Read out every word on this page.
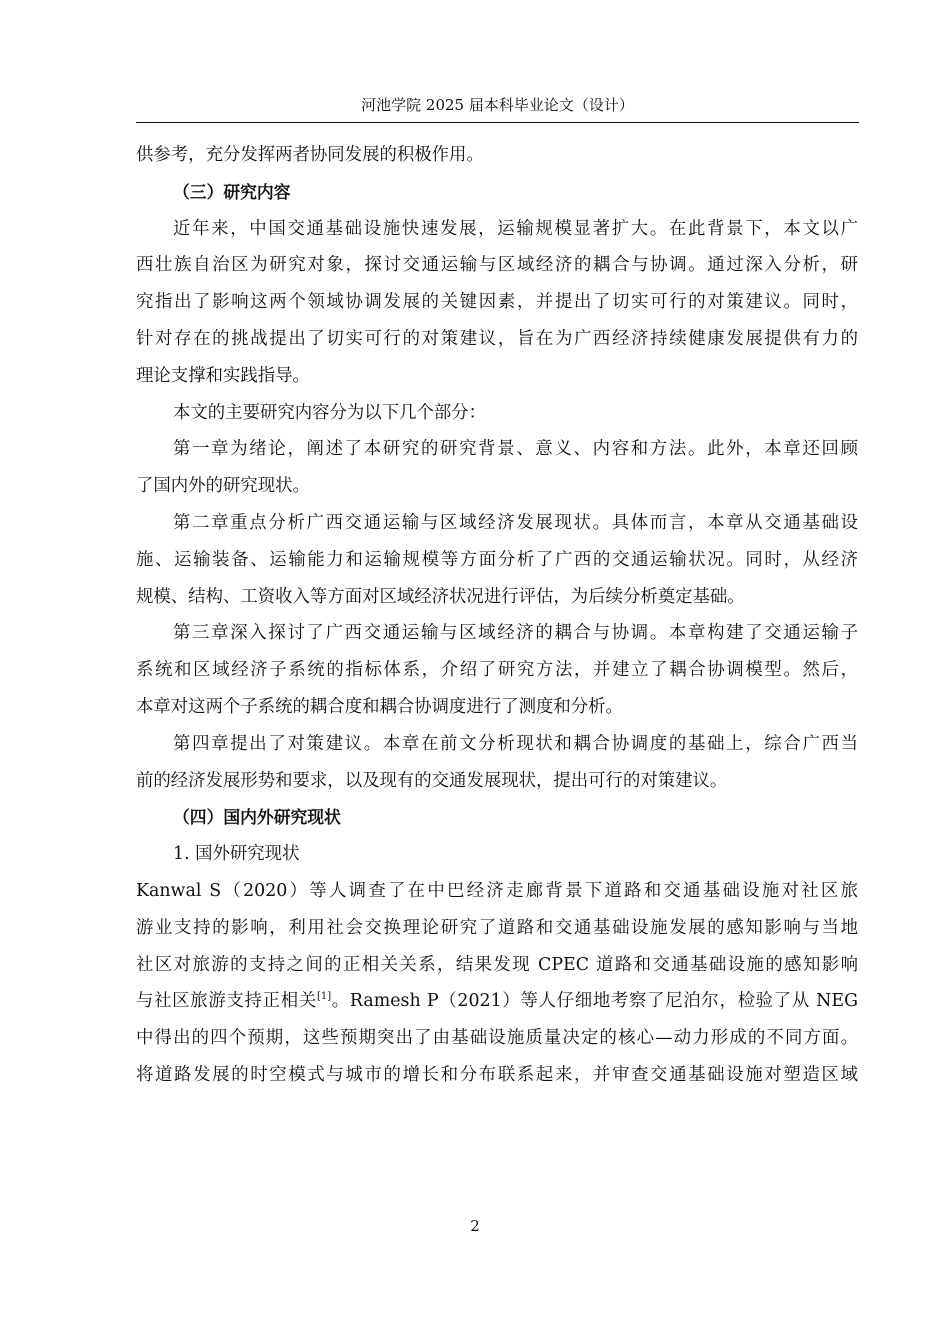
河池学院 2025 届本科毕业论文（设计）
供参考，充分发挥两者协同发展的积极作用。
（三）研究内容
近年来，中国交通基础设施快速发展，运输规模显著扩大。在此背景下，本文以广
西壮族自治区为研究对象，探讨交通运输与区域经济的耦合与协调。通过深入分析，研
究指出了影响这两个领域协调发展的关键因素，并提出了切实可行的对策建议。同时，
针对存在的挑战提出了切实可行的对策建议，旨在为广西经济持续健康发展提供有力的
理论支撑和实践指导。
本文的主要研究内容分为以下几个部分：
第一章为绪论，阐述了本研究的研究背景、意义、内容和方法。此外，本章还回顾
了国内外的研究现状。
第二章重点分析广西交通运输与区域经济发展现状。具体而言，本章从交通基础设
施、运输装备、运输能力和运输规模等方面分析了广西的交通运输状况。同时，从经济
规模、结构、工资收入等方面对区域经济状况进行评估，为后续分析奠定基础。
第三章深入探讨了广西交通运输与区域经济的耦合与协调。本章构建了交通运输子
系统和区域经济子系统的指标体系，介绍了研究方法，并建立了耦合协调模型。然后，
本章对这两个子系统的耦合度和耦合协调度进行了测度和分析。
第四章提出了对策建议。本章在前文分析现状和耦合协调度的基础上，综合广西当
前的经济发展形势和要求，以及现有的交通发展现状，提出可行的对策建议。
（四）国内外研究现状
1. 国外研究现状
Kanwal S（2020）等人调查了在中巴经济走廊背景下道路和交通基础设施对社区旅
游业支持的影响，利用社会交换理论研究了道路和交通基础设施发展的感知影响与当地
社区对旅游的支持之间的正相关关系，结果发现 CPEC 道路和交通基础设施的感知影响
与社区旅游支持正相关[1]。Ramesh P（2021）等人仔细地考察了尼泊尔，检验了从 NEG
中得出的四个预期，这些预期突出了由基础设施质量决定的核心—动力形成的不同方面。
将道路发展的时空模式与城市的增长和分布联系起来，并审查交通基础设施对塑造区域
2
